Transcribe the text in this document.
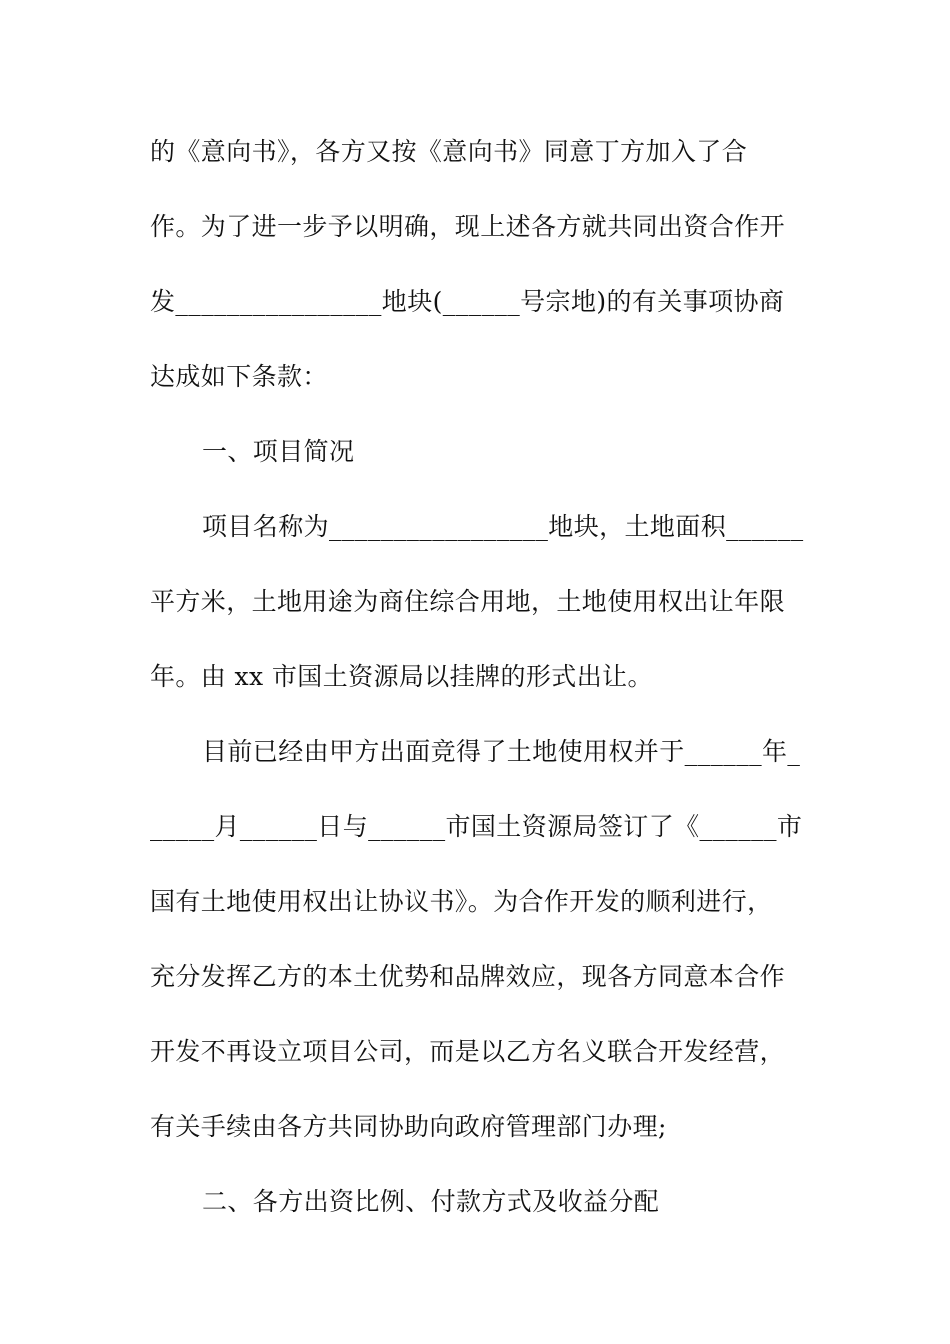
的《意向书》，各方又按《意向书》同意丁方加入了合
作。为了进一步予以明确，现上述各方就共同出资合作开
发________________地块(______号宗地)的有关事项协商
达成如下条款：
一、项目简况
项目名称为_________________地块，土地面积______
平方米，土地用途为商住综合用地，土地使用权出让年限
年。由 xx 市国土资源局以挂牌的形式出让。
目前已经由甲方出面竞得了土地使用权并于______年_
_____月______日与______市国土资源局签订了《______市
国有土地使用权出让协议书》。为合作开发的顺利进行，
充分发挥乙方的本土优势和品牌效应，现各方同意本合作
开发不再设立项目公司，而是以乙方名义联合开发经营，
有关手续由各方共同协助向政府管理部门办理;
二、各方出资比例、付款方式及收益分配
